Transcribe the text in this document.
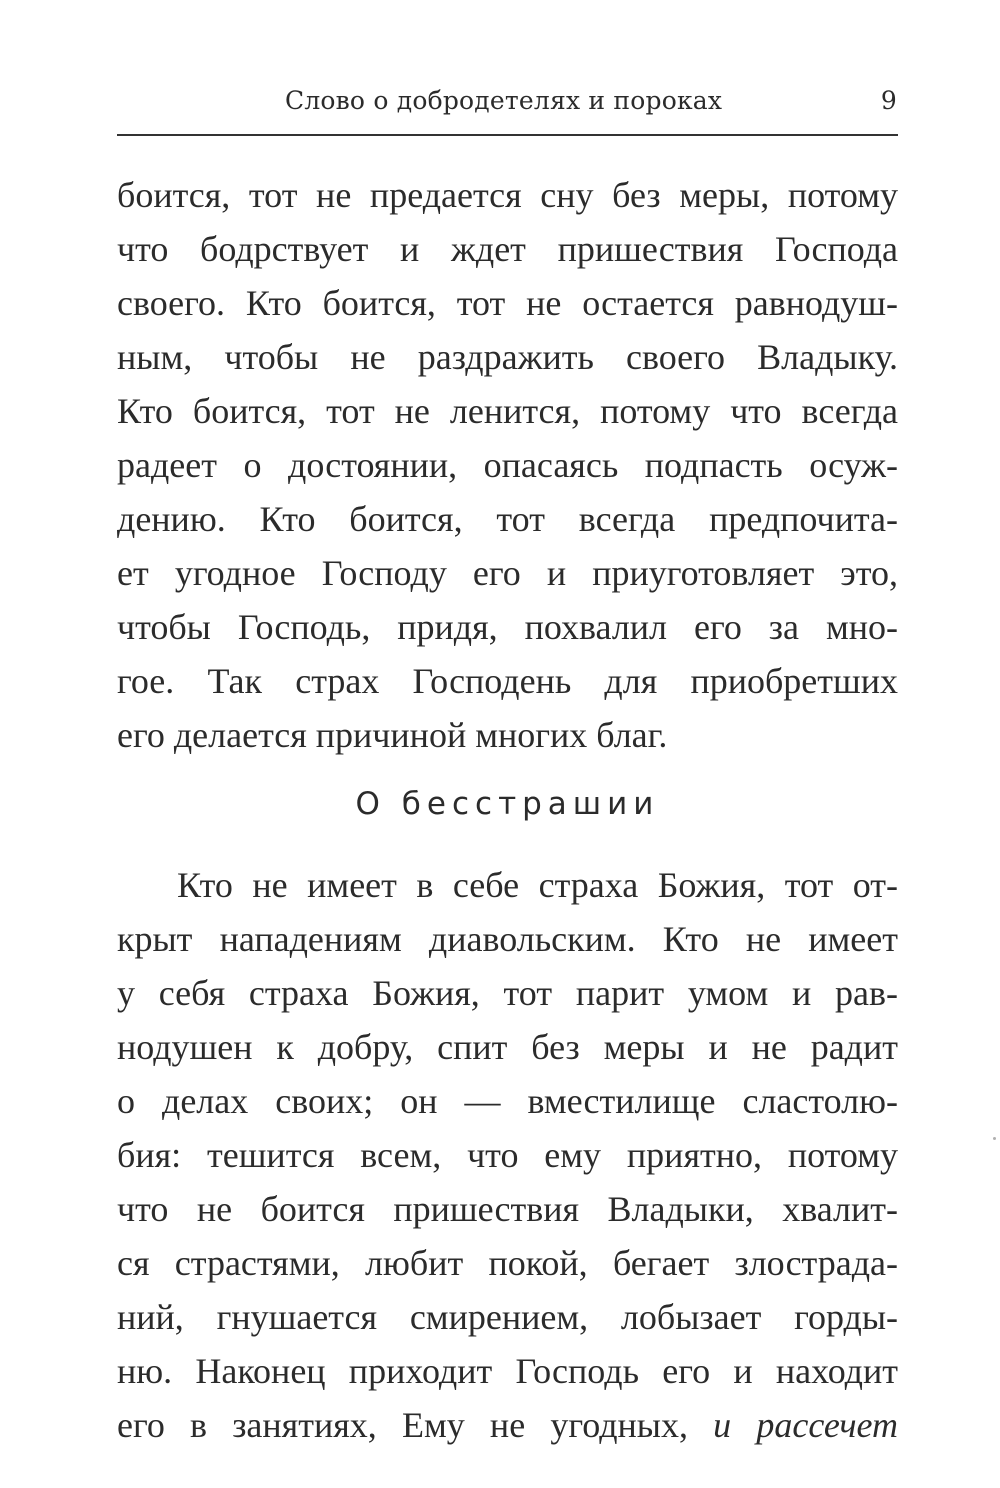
Слово о добродетелях и пороках	9
боится, тот не предается сну без меры, потому
что бодрствует и ждет пришествия Господа
своего. Кто боится, тот не остается равнодуш-
ным, чтобы не раздражить своего Владыку.
Кто боится, тот не ленится, потому что всегда
радеет о достоянии, опасаясь подпасть осуж-
дению. Кто боится, тот всегда предпочита-
ет угодное Господу его и приуготовляет это,
чтобы Господь, придя, похвалил его за мно-
гое. Так страх Господень для приобретших
его делается причиной многих благ.
О бесстрашии
Кто не имеет в себе страха Божия, тот от-
крыт нападениям диавольским. Кто не имеет
у себя страха Божия, тот парит умом и рав-
нодушен к добру, спит без меры и не радит
о делах своих; он — вместилище сластолю-
бия: тешится всем, что ему приятно, потому
что не боится пришествия Владыки, хвалит-
ся страстями, любит покой, бегает злострада-
ний, гнушается смирением, лобызает горды-
ню. Наконец приходит Господь его и находит
его в занятиях, Ему не угодных, и рассечет
